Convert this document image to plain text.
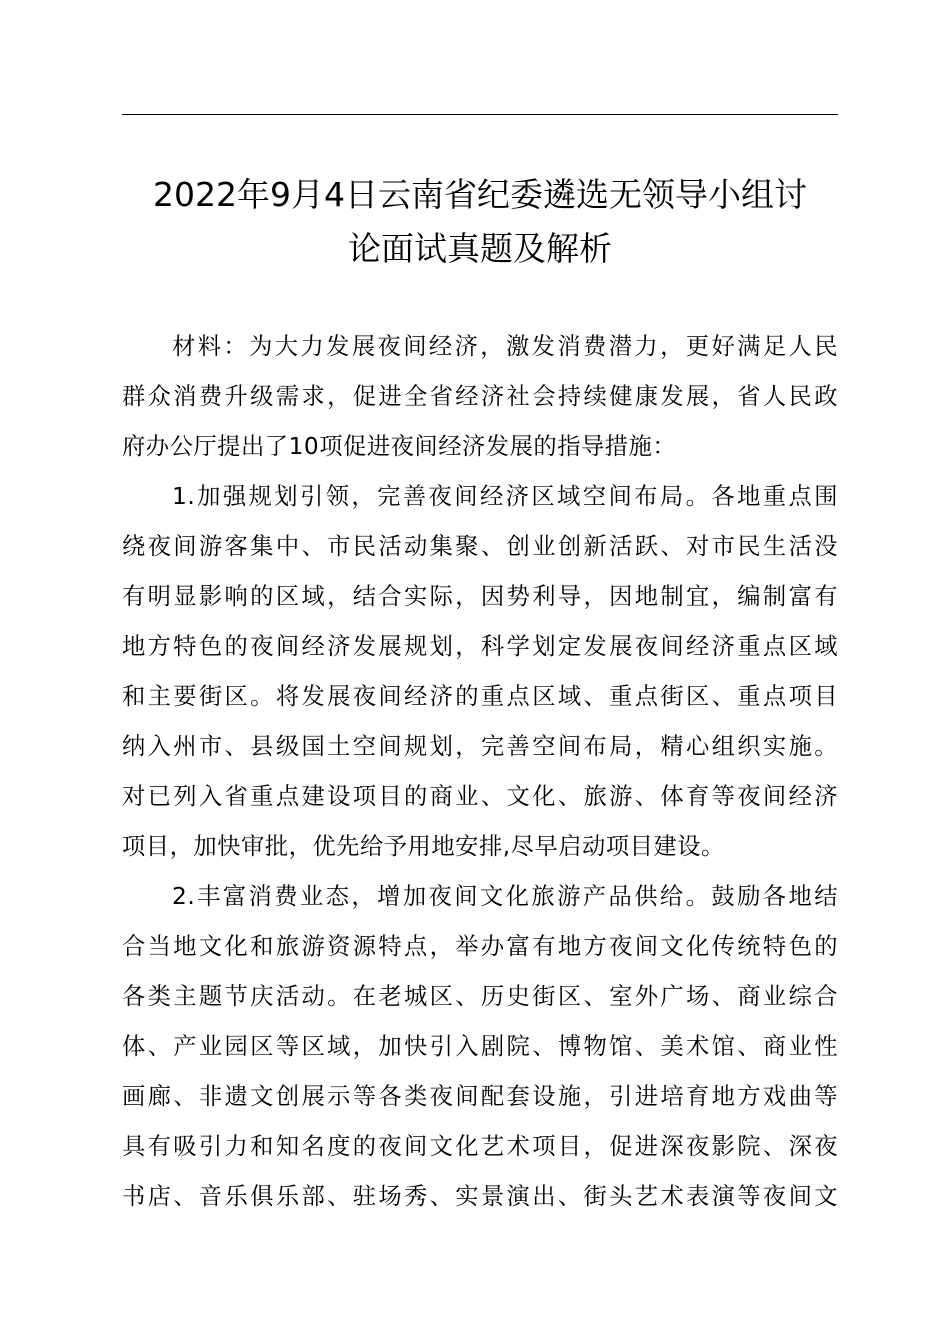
2022年9月4日云南省纪委遴选无领导小组讨
论面试真题及解析
材料：为大力发展夜间经济，激发消费潜力，更好满足人民
群众消费升级需求，促进全省经济社会持续健康发展，省人民政
府办公厅提出了10项促进夜间经济发展的指导措施：
1.加强规划引领，完善夜间经济区域空间布局。各地重点围
绕夜间游客集中、市民活动集聚、创业创新活跃、对市民生活没
有明显影响的区域，结合实际，因势利导，因地制宜，编制富有
地方特色的夜间经济发展规划，科学划定发展夜间经济重点区域
和主要街区。将发展夜间经济的重点区域、重点街区、重点项目
纳入州市、县级国土空间规划，完善空间布局，精心组织实施。
对已列入省重点建设项目的商业、文化、旅游、体育等夜间经济
项目，加快审批，优先给予用地安排,尽早启动项目建设。
2.丰富消费业态，增加夜间文化旅游产品供给。鼓励各地结
合当地文化和旅游资源特点，举办富有地方夜间文化传统特色的
各类主题节庆活动。在老城区、历史街区、室外广场、商业综合
体、产业园区等区域，加快引入剧院、博物馆、美术馆、商业性
画廊、非遗文创展示等各类夜间配套设施，引进培育地方戏曲等
具有吸引力和知名度的夜间文化艺术项目，促进深夜影院、深夜
书店、音乐俱乐部、驻场秀、实景演出、街头艺术表演等夜间文
